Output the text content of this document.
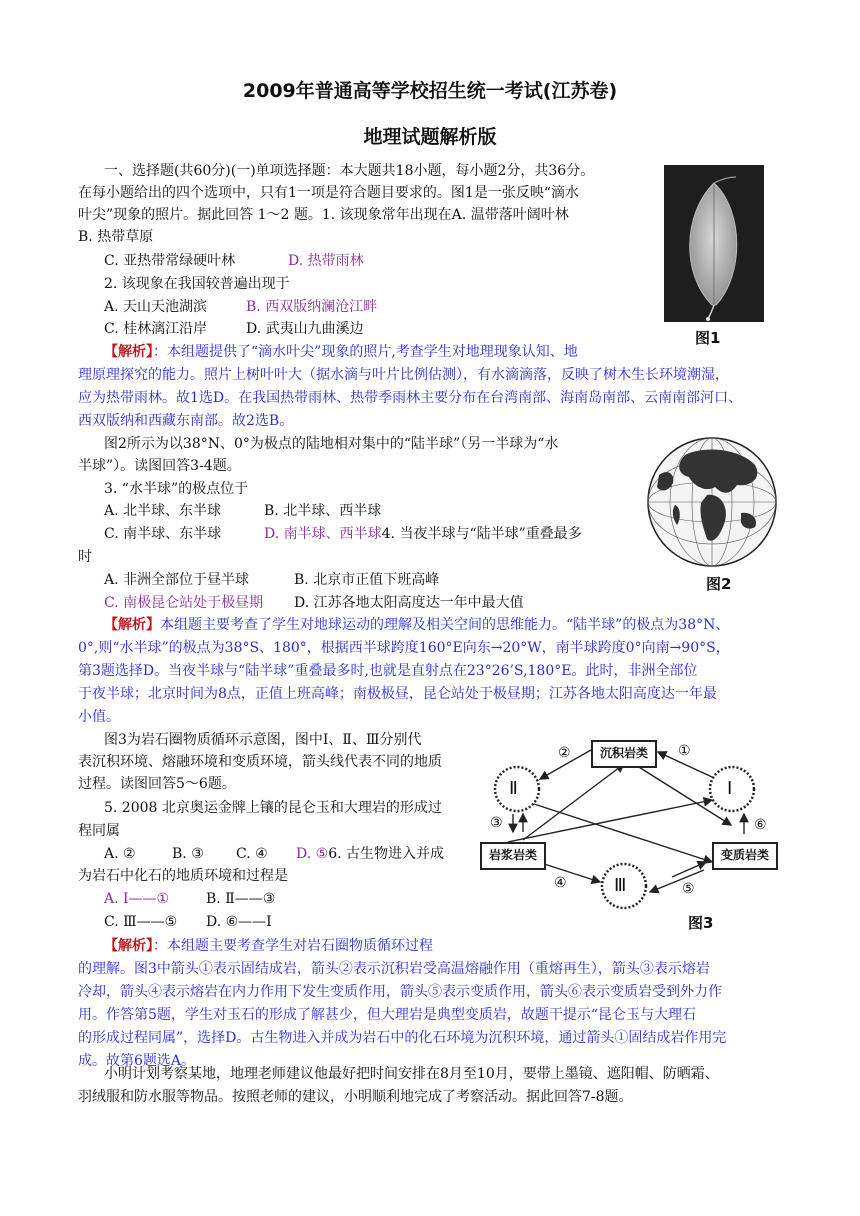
2009年普通高等学校招生统一考试(江苏卷)
地理试题解析版
一、选择题(共60分)(一)单项选择题：本大题共18小题，每小题2分，共36分。
在每小题给出的四个选项中，只有1一项是符合题目要求的。图1是一张反映“滴水
叶尖”现象的照片。据此回答 1～2 题。1. 该现象常年出现在A. 温带落叶阔叶林
B. 热带草原
C. 亚热带常绿硬叶林	D. 热带雨林
2. 该现象在我国较普遍出现于
A. 天山天池湖滨	B. 西双版纳澜沧江畔
C. 桂林漓江沿岸	D. 武夷山九曲溪边
【解析】：本组题提供了“滴水叶尖”现象的照片,考查学生对地理现象认知、地
理原理探究的能力。照片上树叶叶大（据水滴与叶片比例估测），有水滴滴落，反映了树木生长环境潮湿，
应为热带雨林。故1选D。在我国热带雨林、热带季雨林主要分布在台湾南部、海南岛南部、云南南部河口、
西双版纳和西藏东南部。故2选B。
图1
图2所示为以38°N、0°为极点的陆地相对集中的“陆半球”（另一半球为“水
半球”）。读图回答3-4题。
3. “水半球”的极点位于
A. 北半球、东半球	B. 北半球、西半球
C. 南半球、东半球	D. 南半球、西半球4. 当夜半球与“陆半球”重叠最多
时
A. 非洲全部位于昼半球	B. 北京市正值下班高峰
C. 南极昆仑站处于极昼期 D. 江苏各地太阳高度达一年中最大值
【解析】本组题主要考查了学生对地球运动的理解及相关空间的思维能力。“陆半球”的极点为38°N、
0°,则“水半球”的极点为38°S、180°，根据西半球跨度160°E向东→20°W，南半球跨度0°向南→90°S，
第3题选择D。当夜半球与“陆半球”重叠最多时,也就是直射点在23°26’S,180°E。此时，非洲全部位
于夜半球；北京时间为8点，正值上班高峰；南极极昼，昆仑站处于极昼期；江苏各地太阳高度达一年最
小值。
图2
图3为岩石圈物质循环示意图，图中Ⅰ、Ⅱ、Ⅲ分别代
表沉积环境、熔融环境和变质环境，箭头线代表不同的地质
过程。读图回答5～6题。
5. 2008 北京奥运金牌上镶的昆仑玉和大理岩的形成过
程同属
A. ②	B. ③ C. ④ D. ⑤6. 古生物进入并成
为岩石中化石的地质环境和过程是
A. Ⅰ——①	B. Ⅱ——③
C. Ⅲ——⑤ D. ⑥——Ⅰ
【解析】：本组题主要考查学生对岩石圈物质循环过程
的理解。图3中箭头①表示固结成岩，箭头②表示沉积岩受高温熔融作用（重熔再生），箭头③表示熔岩
冷却，箭头④表示熔岩在内力作用下发生变质作用，箭头⑤表示变质作用，箭头⑥表示变质岩受到外力作
用。作答第5题，学生对玉石的形成了解甚少，但大理岩是典型变质岩，故题干提示“昆仑玉与大理石
的形成过程同属”，选择D。古生物进入并成为岩石中的化石环境为沉积环境，通过箭头①固结成岩作用完
成。故第6题选A。
沉积岩类
岩浆岩类	变质岩类
Ⅱ	Ⅰ
Ⅲ
②	①
③	⑥
④	⑤
图3
小明计划考察某地，地理老师建议他最好把时间安排在8月至10月，要带上墨镜、遮阳帽、防晒霜、
羽绒服和防水服等物品。按照老师的建议，小明顺利地完成了考察活动。据此回答7-8题。
